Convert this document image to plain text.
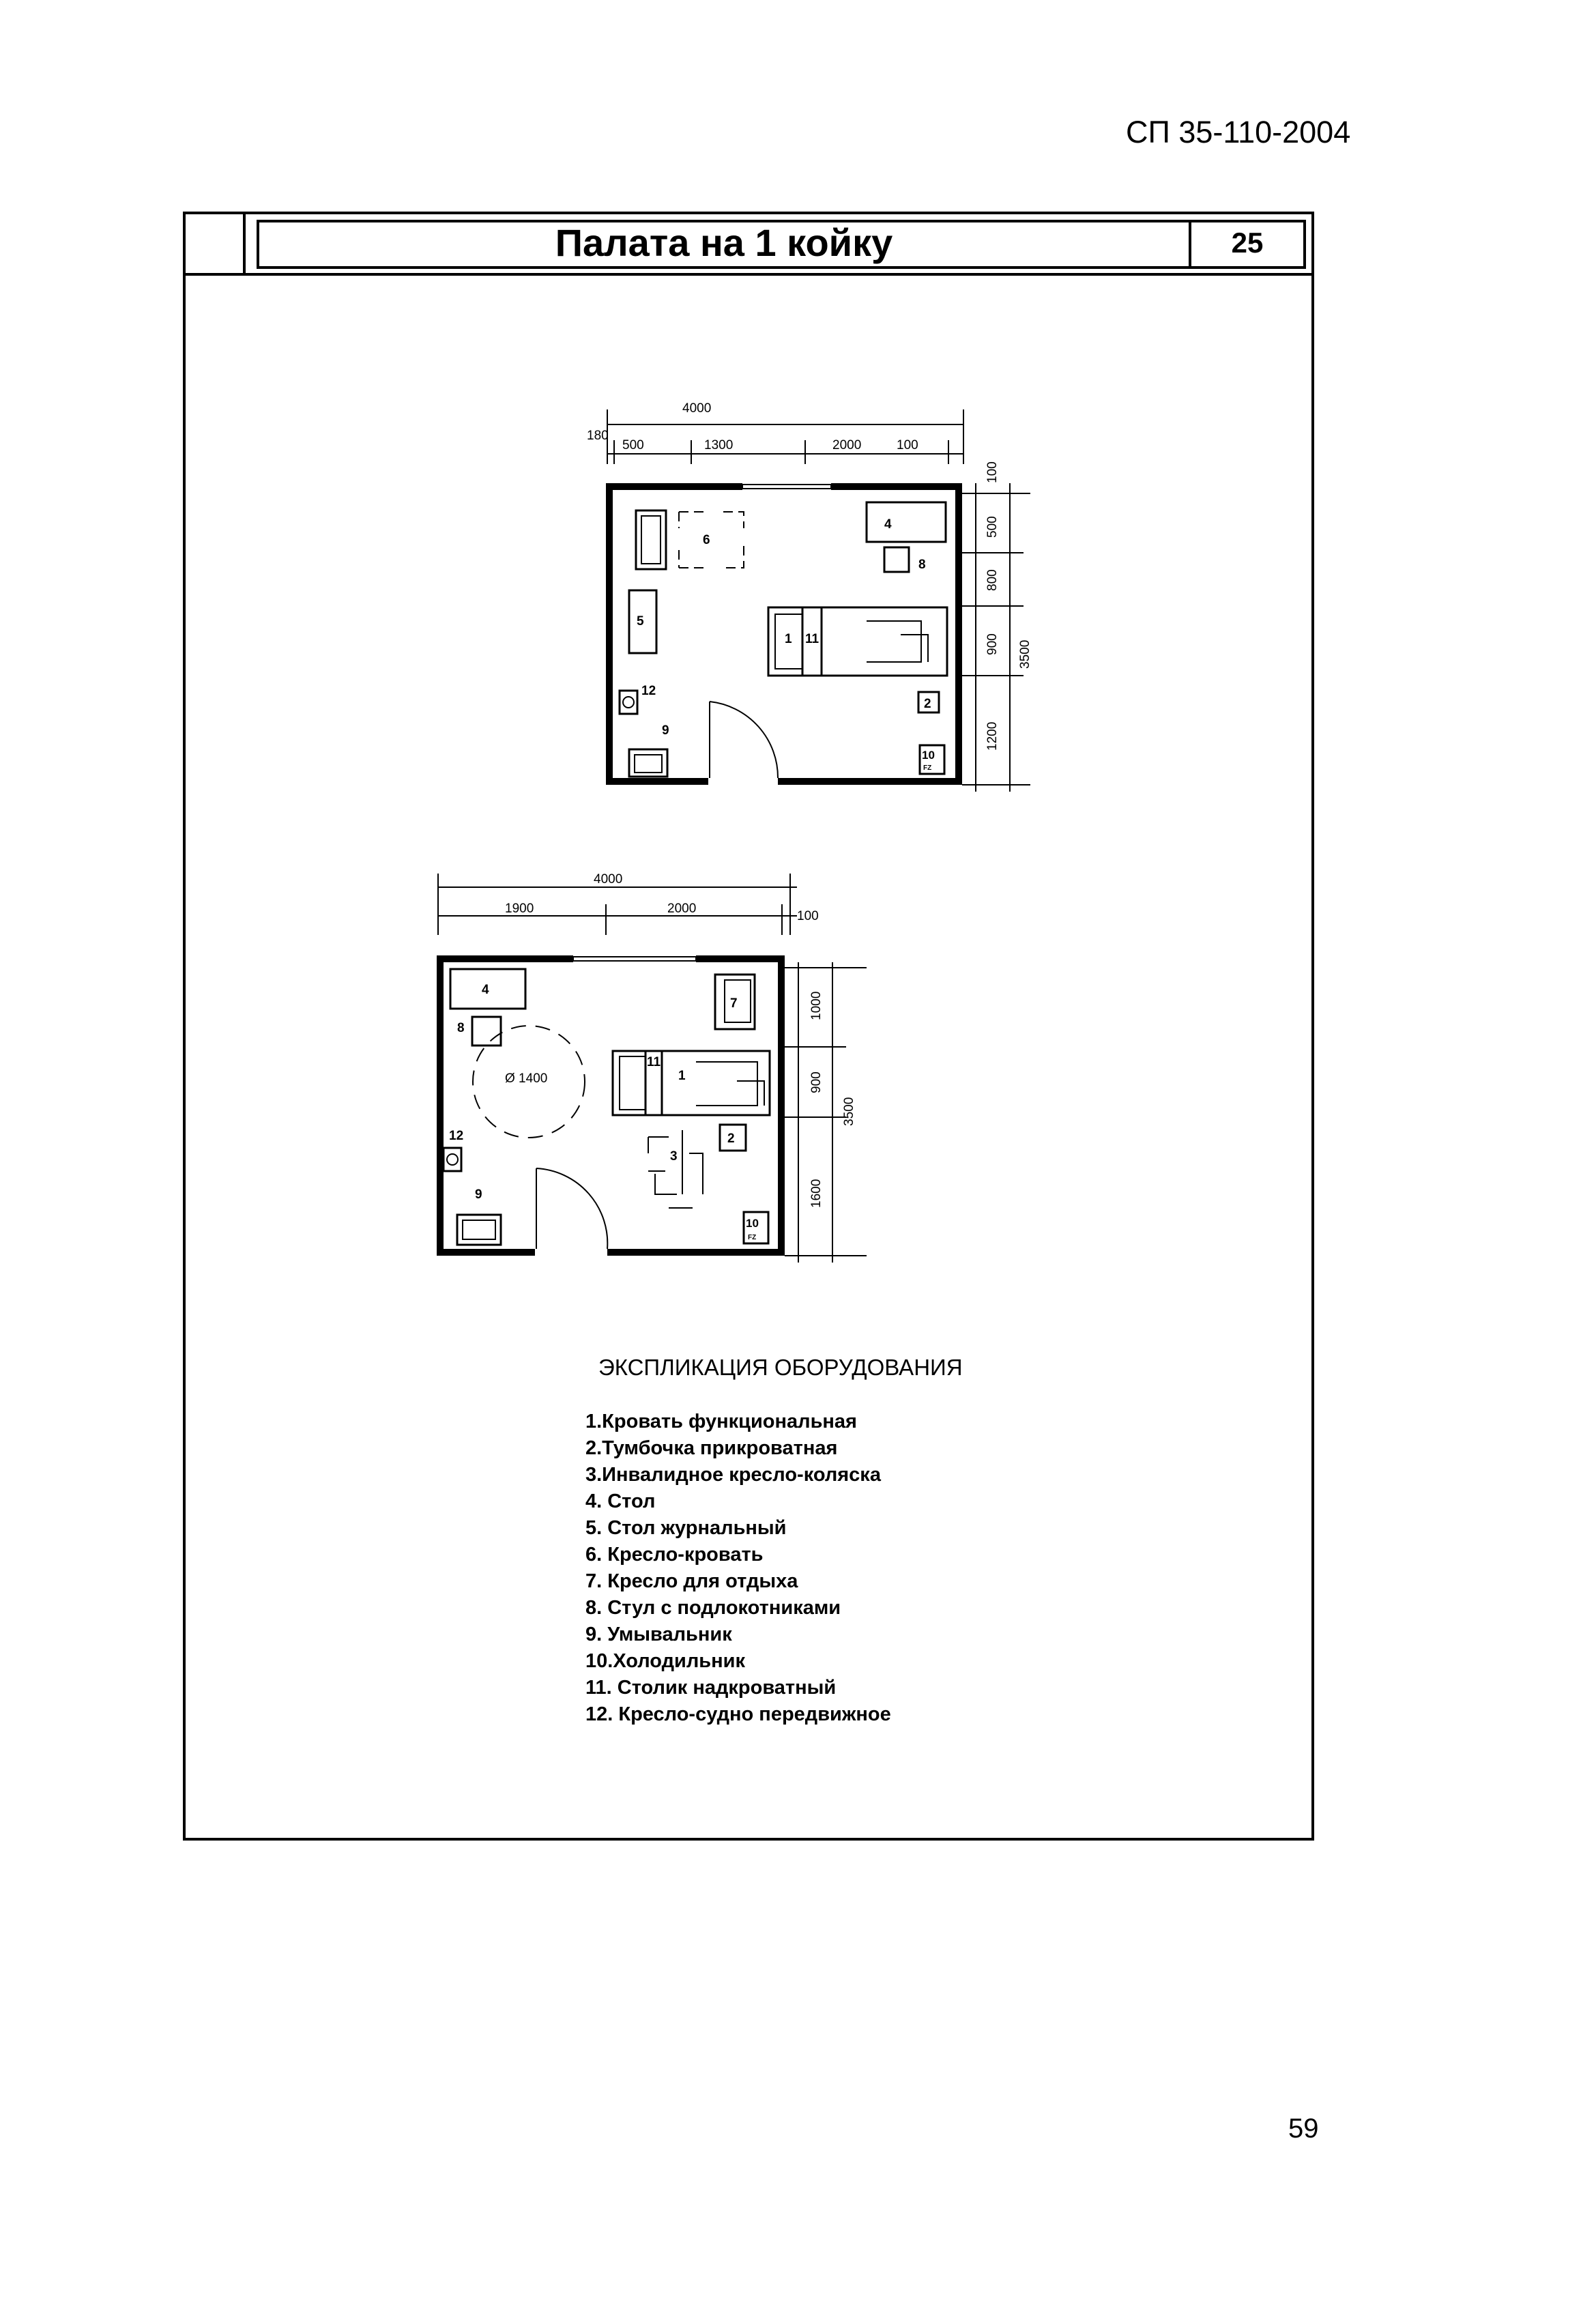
СП 35-110-2004
Палата на 1 койку	25
4000
180
500	1300	2000	100
100
500
800
900
1200
3500
6
4
8
5
1 11
2
12
9
10
FZ
4000
1900	2000
100
1000
900
1600
3500
Ø 1400
4
8
7
1
11
3
2
12
9
10
FZ
ЭКСПЛИКАЦИЯ ОБОРУДОВАНИЯ
1.Кровать функциональная
2.Тумбочка прикроватная
3.Инвалидное кресло-коляска
4. Стол
5. Стол журнальный
6. Кресло-кровать
7. Кресло для отдыха
8. Стул с подлокотниками
9. Умывальник
10.Холодильник
11. Столик надкроватный
12. Кресло-судно передвижное
59
